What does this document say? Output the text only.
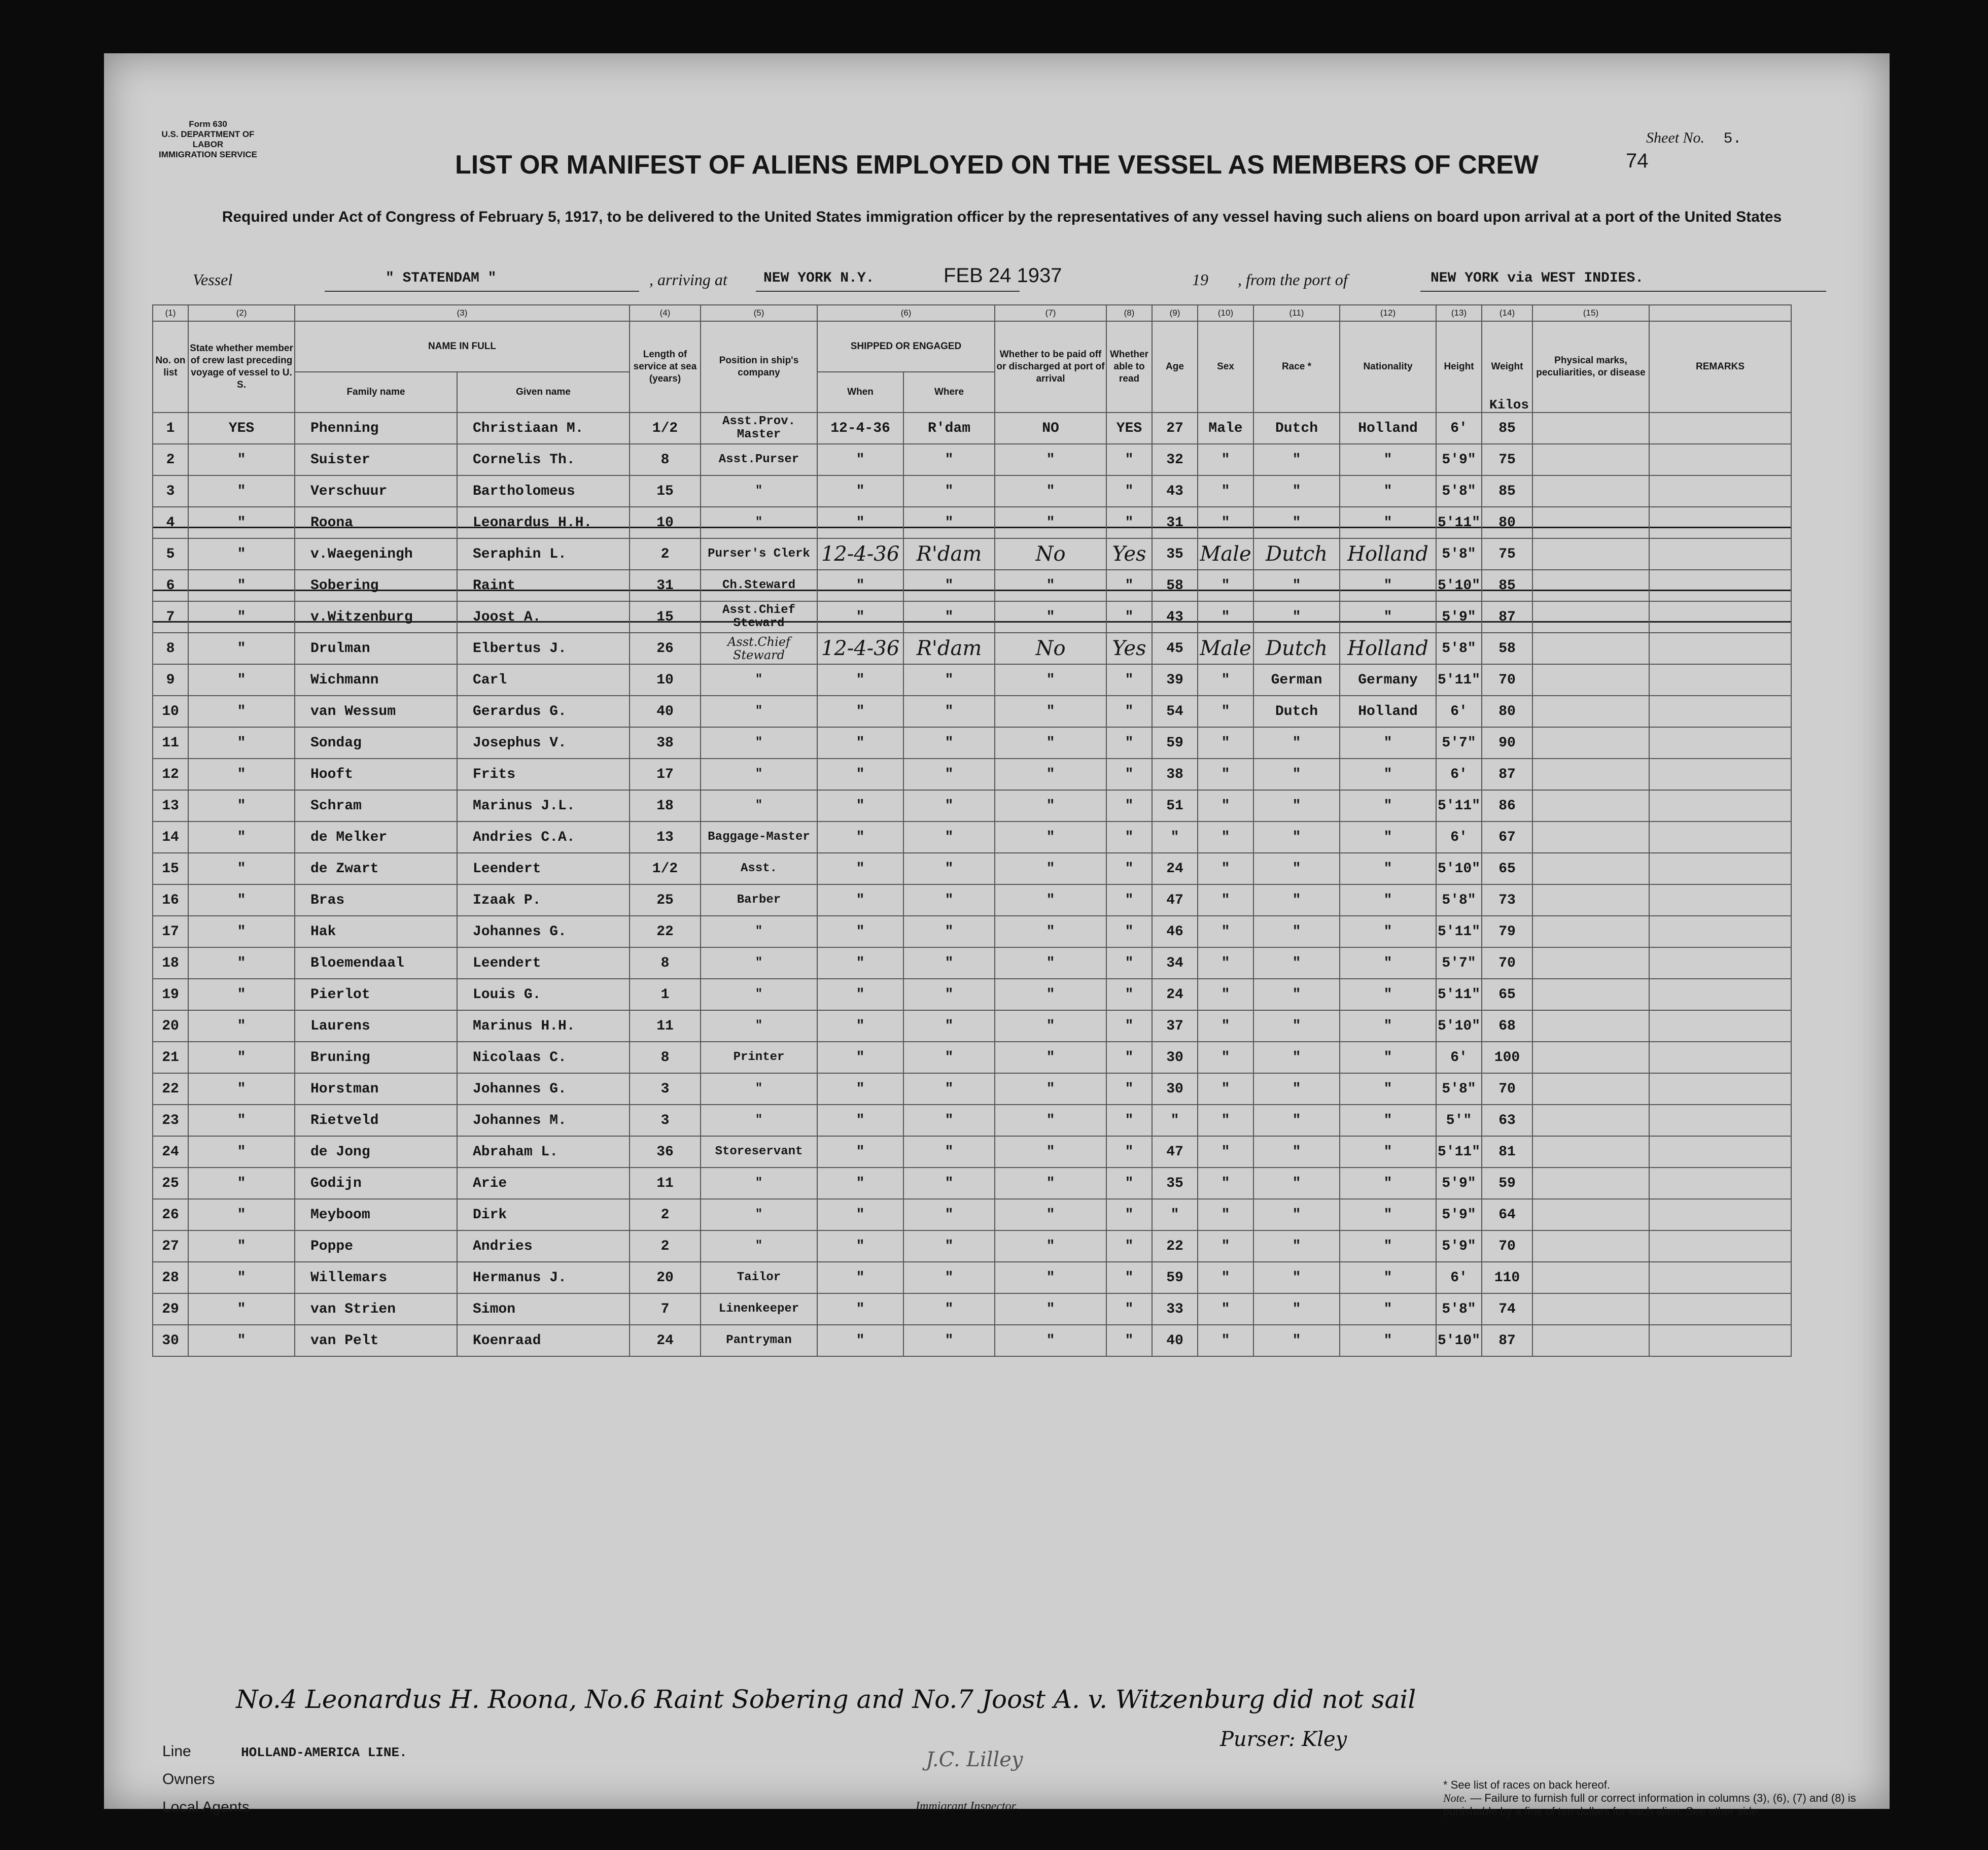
Form 630
U.S. DEPARTMENT OF LABOR
IMMIGRATION SERVICE
Sheet No. 5.
74
LIST OR MANIFEST OF ALIENS EMPLOYED ON THE VESSEL AS MEMBERS OF CREW
Required under Act of Congress of February 5, 1917, to be delivered to the United States immigration officer by the representatives of any vessel having such aliens on board upon arrival at a port of the United States
Vessel	" STATENDAM "	, arriving at	NEW YORK N.Y.	FEB 24 1937	19 , from the port of	NEW YORK via WEST INDIES.
(1)	(2)	(3)		(4)	(5)	(6)		(7)	(8)	(9)	(10)	(11)	(12)	(13)	(14)	(15)	
No. on list	State whether member of crew last preceding voyage of vessel to U. S.	NAME IN FULL		Length of service at sea (years)	Position in ship's company	SHIPPED OR ENGAGED		Whether to be paid off or discharged at port of arrival	Whether able to read	Age	Sex	Race *	Nationality	Height	Weight
Kilos	Physical marks, peculiarities, or disease	REMARKS
		Family name	Given name			When	Where										
1	YES	Phenning	Christiaan M.	1/2	Asst.Prov. Master	12-4-36	R'dam	NO	YES	27	Male	Dutch	Holland	6'	85		
2	"	Suister	Cornelis Th.	8	Asst.Purser	"	"	"	"	32	"	"	"	5'9"	75		
3	"	Verschuur	Bartholomeus	15	"	"	"	"	"	43	"	"	"	5'8"	85		
4	"	Roona	Leonardus H.H.	10	"	"	"	"	"	31	"	"	"	5'11"	80		
5	"	v.Waegeningh	Seraphin L.	2	Purser's Clerk	12-4-36	R'dam	No	Yes	35	Male	Dutch	Holland	5'8"	75		
6	"	Sobering	Raint	31	Ch.Steward	"	"	"	"	58	"	"	"	5'10"	85		
7	"	v.Witzenburg	Joost A.	15	Asst.Chief Steward	"	"	"	"	43	"	"	"	5'9"	87		
8	"	Drulman	Elbertus J.	26	Asst.Chief Steward	12-4-36	R'dam	No	Yes	45	Male	Dutch	Holland	5'8"	58		
9	"	Wichmann	Carl	10	"	"	"	"	"	39	"	German	Germany	5'11"	70		
10	"	van Wessum	Gerardus G.	40	"	"	"	"	"	54	"	Dutch	Holland	6'	80		
11	"	Sondag	Josephus V.	38	"	"	"	"	"	59	"	"	"	5'7"	90		
12	"	Hooft	Frits	17	"	"	"	"	"	38	"	"	"	6'	87		
13	"	Schram	Marinus J.L.	18	"	"	"	"	"	51	"	"	"	5'11"	86		
14	"	de Melker	Andries C.A.	13	Baggage-Master	"	"	"	"	"	"	"	"	6'	67		
15	"	de Zwart	Leendert	1/2	Asst.	"	"	"	"	24	"	"	"	5'10"	65		
16	"	Bras	Izaak P.	25	Barber	"	"	"	"	47	"	"	"	5'8"	73		
17	"	Hak	Johannes G.	22	"	"	"	"	"	46	"	"	"	5'11"	79		
18	"	Bloemendaal	Leendert	8	"	"	"	"	"	34	"	"	"	5'7"	70		
19	"	Pierlot	Louis G.	1	"	"	"	"	"	24	"	"	"	5'11"	65		
20	"	Laurens	Marinus H.H.	11	"	"	"	"	"	37	"	"	"	5'10"	68		
21	"	Bruning	Nicolaas C.	8	Printer	"	"	"	"	30	"	"	"	6'	100		
22	"	Horstman	Johannes G.	3	"	"	"	"	"	30	"	"	"	5'8"	70		
23	"	Rietveld	Johannes M.	3	"	"	"	"	"	"	"	"	"	5'"	63		
24	"	de Jong	Abraham L.	36	Storeservant	"	"	"	"	47	"	"	"	5'11"	81		
25	"	Godijn	Arie	11	"	"	"	"	"	35	"	"	"	5'9"	59		
26	"	Meyboom	Dirk	2	"	"	"	"	"	"	"	"	"	5'9"	64		
27	"	Poppe	Andries	2	"	"	"	"	"	22	"	"	"	5'9"	70		
28	"	Willemars	Hermanus J.	20	Tailor	"	"	"	"	59	"	"	"	6'	110		
29	"	van Strien	Simon	7	Linenkeeper	"	"	"	"	33	"	"	"	5'8"	74		
30	"	van Pelt	Koenraad	24	Pantryman	"	"	"	"	40	"	"	"	5'10"	87		
No.4 Leonardus H. Roona, No.6 Raint Sobering and No.7 Joost A. v. Witzenburg did not sail
Line	HOLLAND-AMERICA LINE.
Owners
Local Agents
J.C. Lilley
Immigrant Inspector.
Purser: Kley
* See list of races on back hereof.
Note. — Failure to furnish full or correct information in columns (3), (6), (7) and (8) is punishable by a fine of ten dollars for each alien. See other side.
